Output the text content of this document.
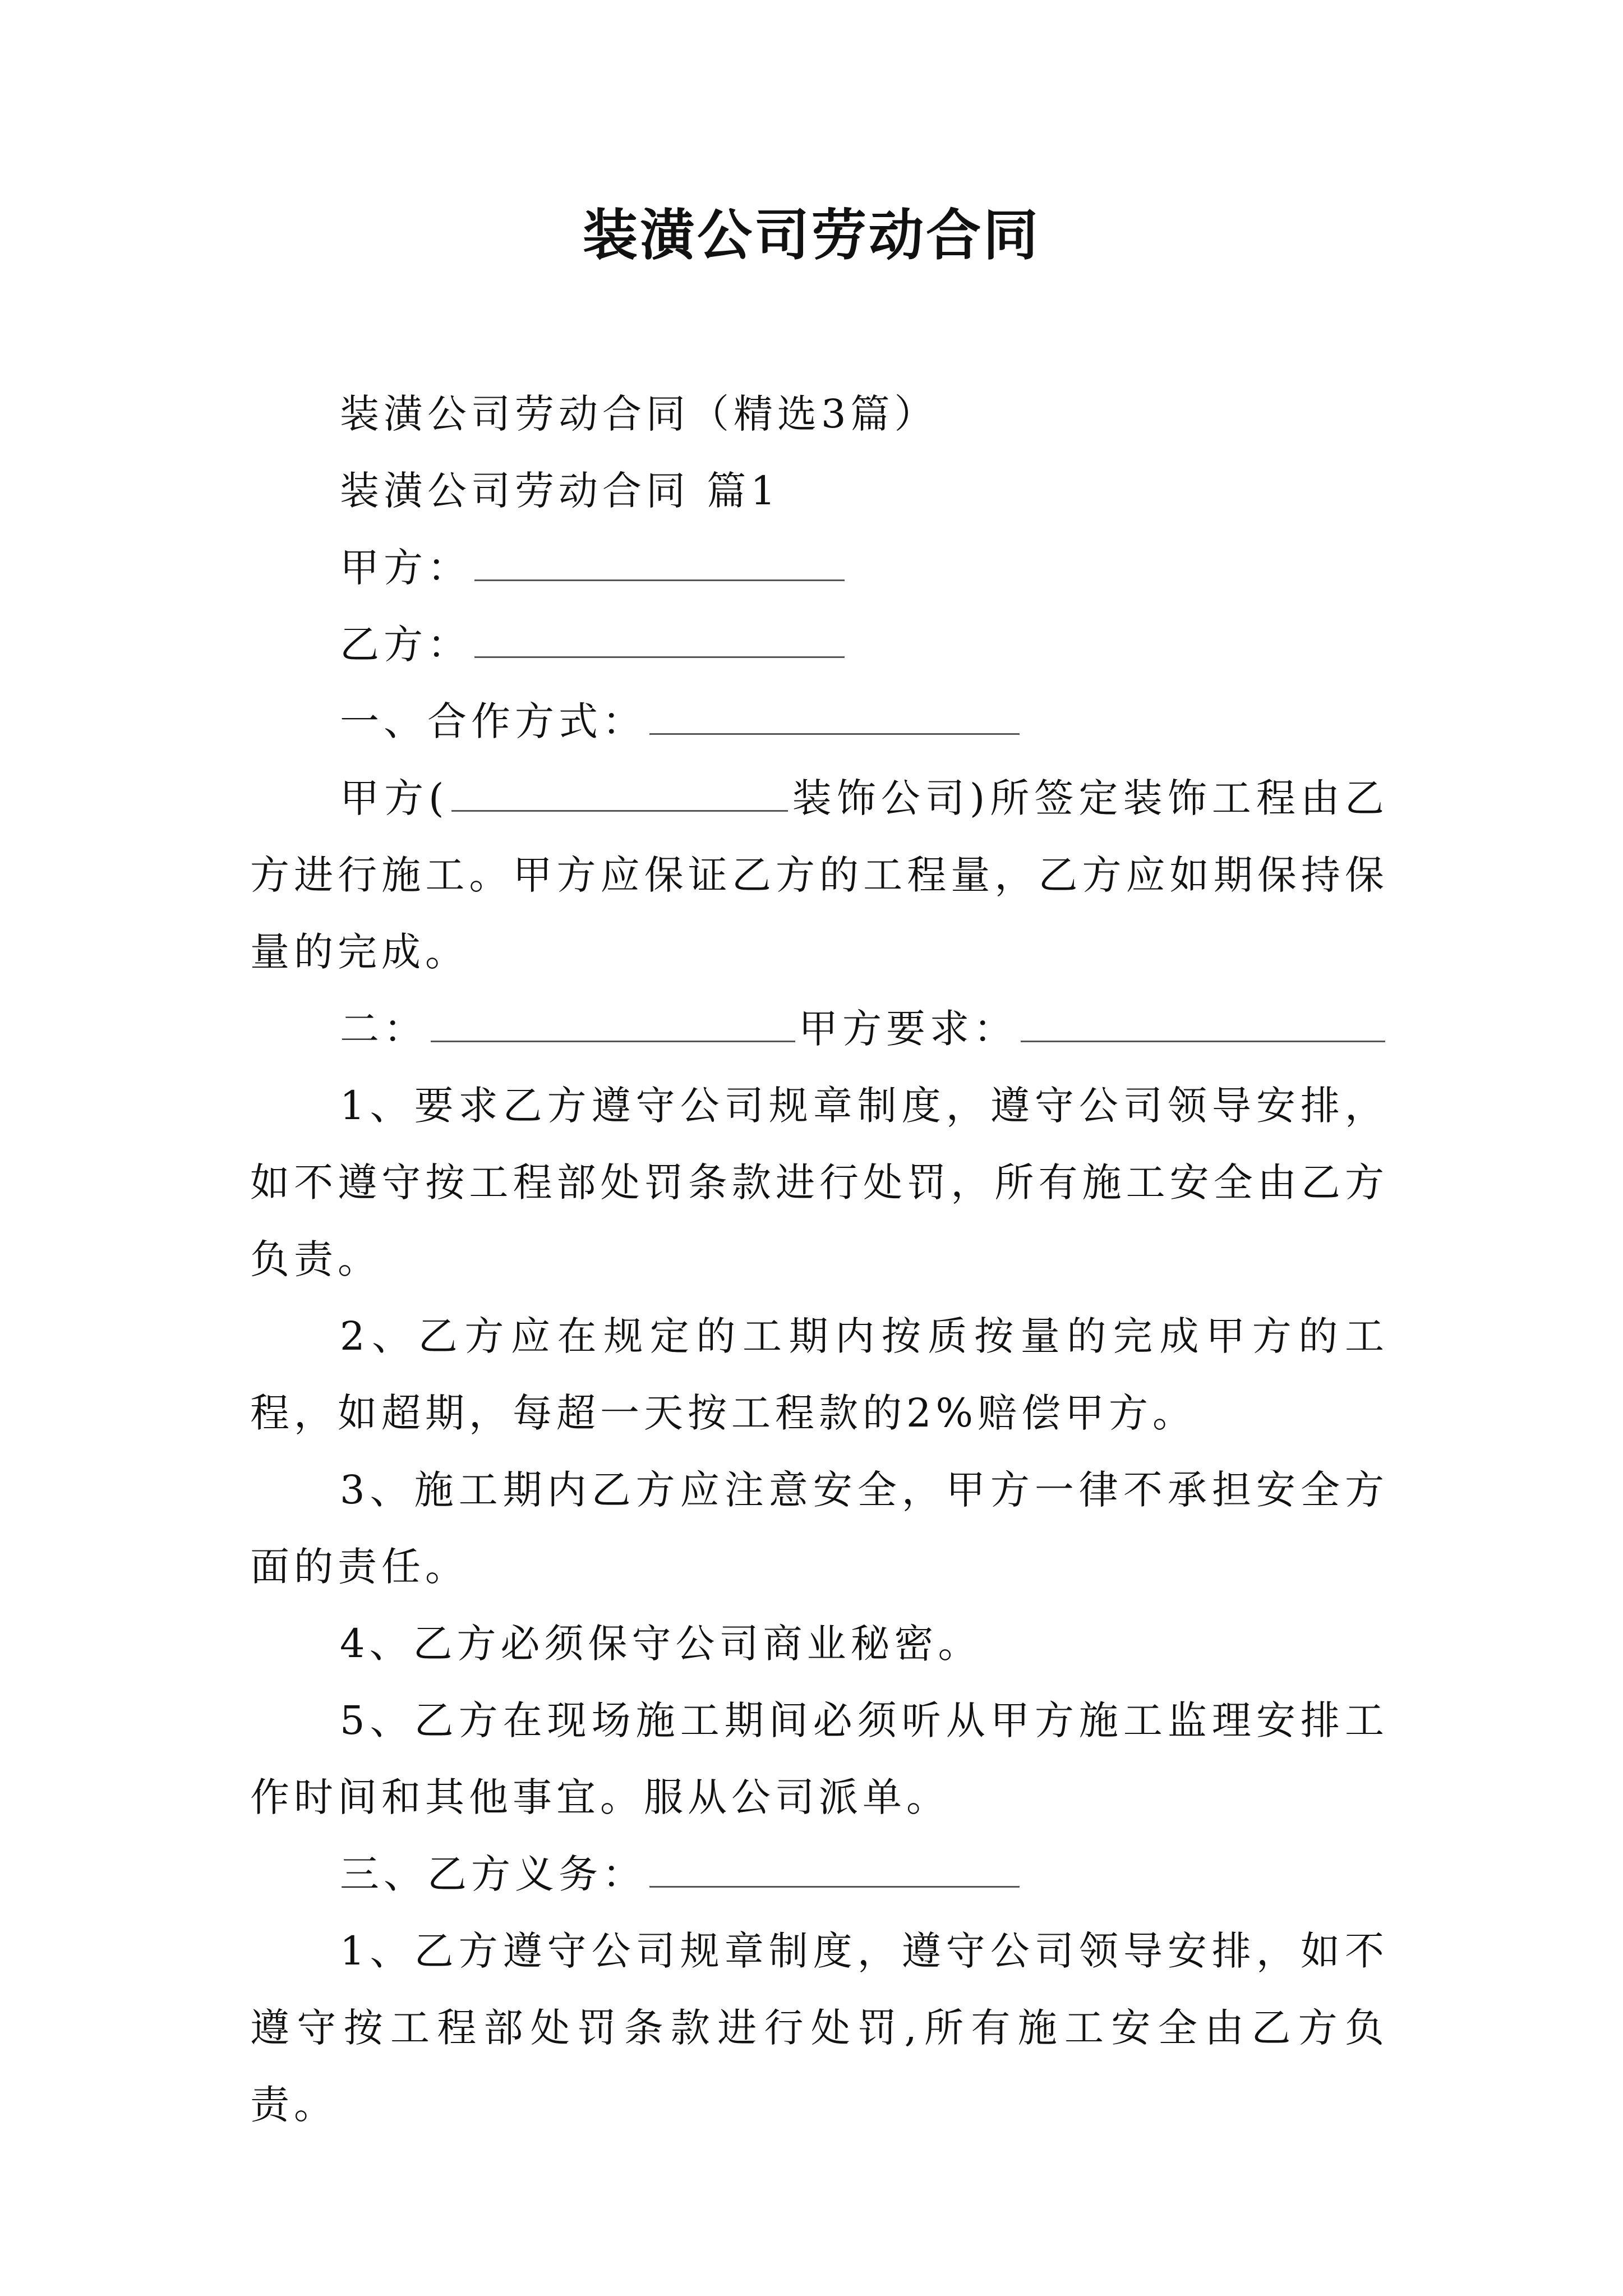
装潢公司劳动合同

装潢公司劳动合同（精选3篇）

装潢公司劳动合同 篇1

甲方：

乙方：

一、合作方式：

甲方(	装饰公司)所签定装饰工程由乙方进行施工。甲方应保证乙方的工程量，乙方应如期保持保量的完成。

二：	甲方要求：

1、要求乙方遵守公司规章制度，遵守公司领导安排，如不遵守按工程部处罚条款进行处罚，所有施工安全由乙方负责。

2、乙方应在规定的工期内按质按量的完成甲方的工程，如超期，每超一天按工程款的2%赔偿甲方。

3、施工期内乙方应注意安全，甲方一律不承担安全方面的责任。

4、乙方必须保守公司商业秘密。

5、乙方在现场施工期间必须听从甲方施工监理安排工作时间和其他事宜。服从公司派单。

三、乙方义务：

1、乙方遵守公司规章制度，遵守公司领导安排，如不遵守按工程部处罚条款进行处罚,所有施工安全由乙方负责。
